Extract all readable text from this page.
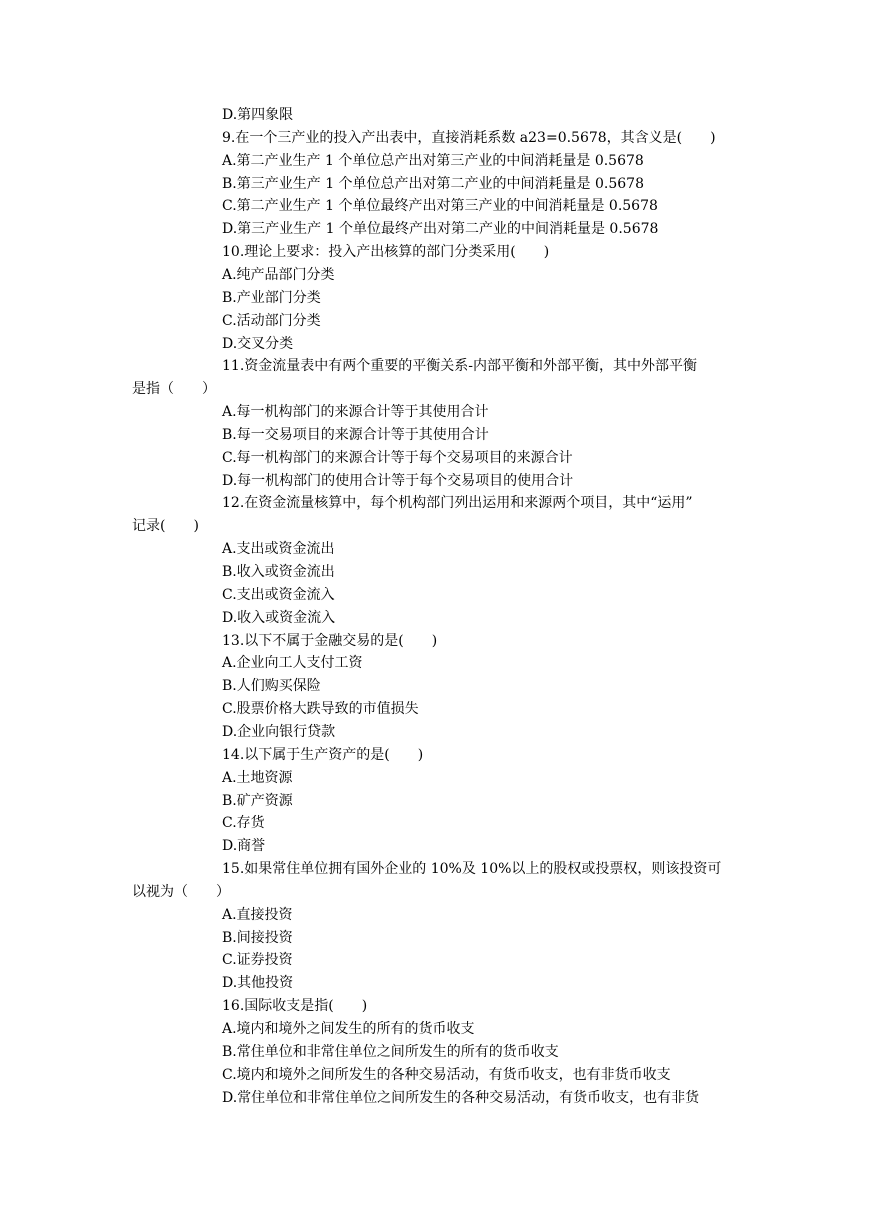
D.第四象限
9.在一个三产业的投入产出表中，直接消耗系数 a23=0.5678，其含义是(　　)
A.第二产业生产 1 个单位总产出对第三产业的中间消耗量是 0.5678
B.第三产业生产 1 个单位总产出对第二产业的中间消耗量是 0.5678
C.第二产业生产 1 个单位最终产出对第三产业的中间消耗量是 0.5678
D.第三产业生产 1 个单位最终产出对第二产业的中间消耗量是 0.5678
10.理论上要求：投入产出核算的部门分类采用(　　)
A.纯产品部门分类
B.产业部门分类
C.活动部门分类
D.交叉分类
11.资金流量表中有两个重要的平衡关系-内部平衡和外部平衡，其中外部平衡
是指（　　）
A.每一机构部门的来源合计等于其使用合计
B.每一交易项目的来源合计等于其使用合计
C.每一机构部门的来源合计等于每个交易项目的来源合计
D.每一机构部门的使用合计等于每个交易项目的使用合计
12.在资金流量核算中，每个机构部门列出运用和来源两个项目，其中“运用”
记录(　　)
A.支出或资金流出
B.收入或资金流出
C.支出或资金流入
D.收入或资金流入
13.以下不属于金融交易的是(　　)
A.企业向工人支付工资
B.人们购买保险
C.股票价格大跌导致的市值损失
D.企业向银行贷款
14.以下属于生产资产的是(　　)
A.土地资源
B.矿产资源
C.存货
D.商誉
15.如果常住单位拥有国外企业的 10%及 10%以上的股权或投票权，则该投资可
以视为（　　）
A.直接投资
B.间接投资
C.证券投资
D.其他投资
16.国际收支是指(　　)
A.境内和境外之间发生的所有的货币收支
B.常住单位和非常住单位之间所发生的所有的货币收支
C.境内和境外之间所发生的各种交易活动，有货币收支，也有非货币收支
D.常住单位和非常住单位之间所发生的各种交易活动，有货币收支，也有非货
